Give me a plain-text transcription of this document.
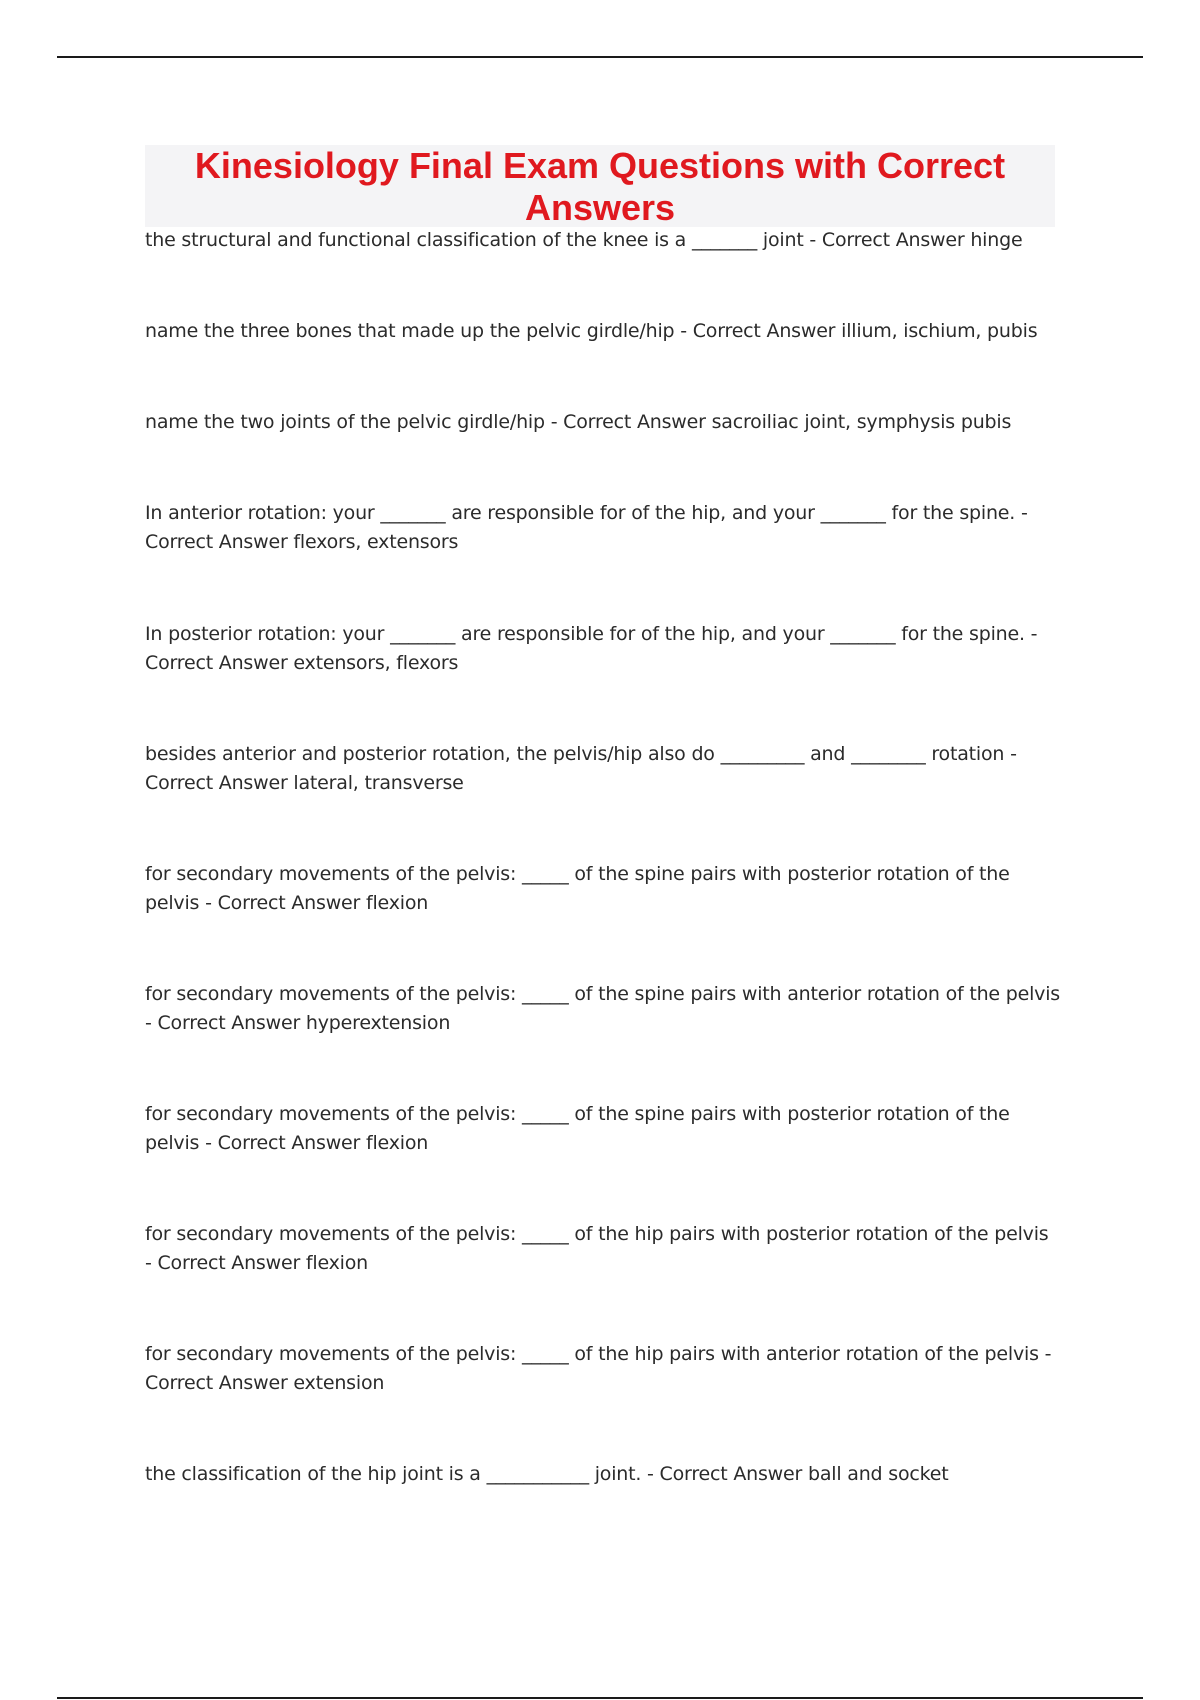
Kinesiology Final Exam Questions with Correct Answers
the structural and functional classification of the knee is a _______ joint - Correct Answer hinge
name the three bones that made up the pelvic girdle/hip - Correct Answer illium, ischium, pubis
name the two joints of the pelvic girdle/hip - Correct Answer sacroiliac joint, symphysis pubis
In anterior rotation: your _______ are responsible for of the hip, and your _______ for the spine. - Correct Answer flexors, extensors
In posterior rotation: your _______ are responsible for of the hip, and your _______ for the spine. - Correct Answer extensors, flexors
besides anterior and posterior rotation, the pelvis/hip also do _________ and ________ rotation - Correct Answer lateral, transverse
for secondary movements of the pelvis: _____ of the spine pairs with posterior rotation of the pelvis - Correct Answer flexion
for secondary movements of the pelvis: _____ of the spine pairs with anterior rotation of the pelvis - Correct Answer hyperextension
for secondary movements of the pelvis: _____ of the spine pairs with posterior rotation of the pelvis - Correct Answer flexion
for secondary movements of the pelvis: _____ of the hip pairs with posterior rotation of the pelvis - Correct Answer flexion
for secondary movements of the pelvis: _____ of the hip pairs with anterior rotation of the pelvis - Correct Answer extension
the classification of the hip joint is a ___________ joint. - Correct Answer ball and socket
